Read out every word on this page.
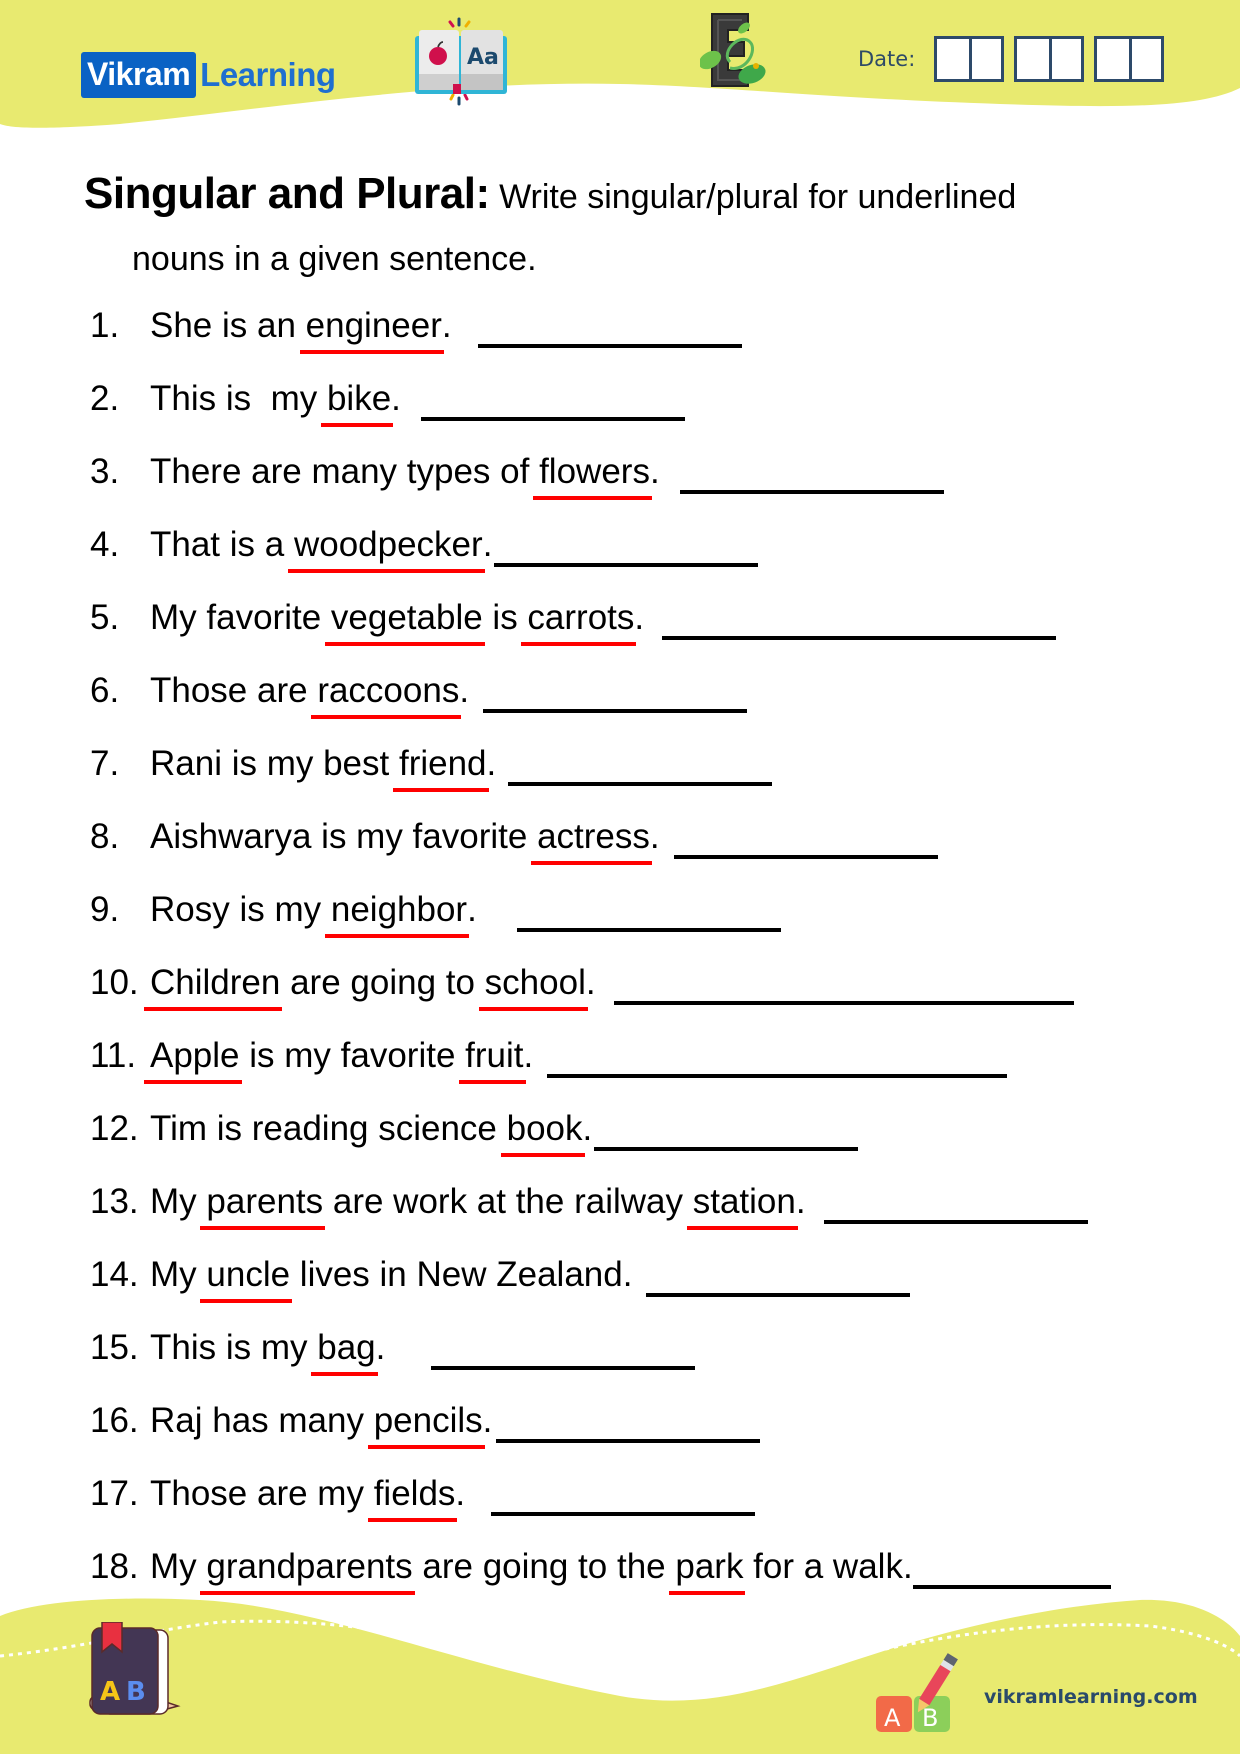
Vikram Learning	Aa	Date:
Singular and Plural: Write singular/plural for underlined
nouns in a given sentence.
1. She is an engineer.
2. This is  my bike.
3. There are many types of flowers.
4. That is a woodpecker.
5. My favorite vegetable is carrots.
6. Those are raccoons.
7. Rani is my best friend.
8. Aishwarya is my favorite actress.
9. Rosy is my neighbor.
10. Children are going to school.
11. Apple is my favorite fruit.
12. Tim is reading science book.
13. My parents are work at the railway station.
14. My uncle lives in New Zealand.
15. This is my bag.
16. Raj has many pencils.
17. Those are my fields.
18. My grandparents are going to the park for a walk.
A B
A B
vikramlearning.com
